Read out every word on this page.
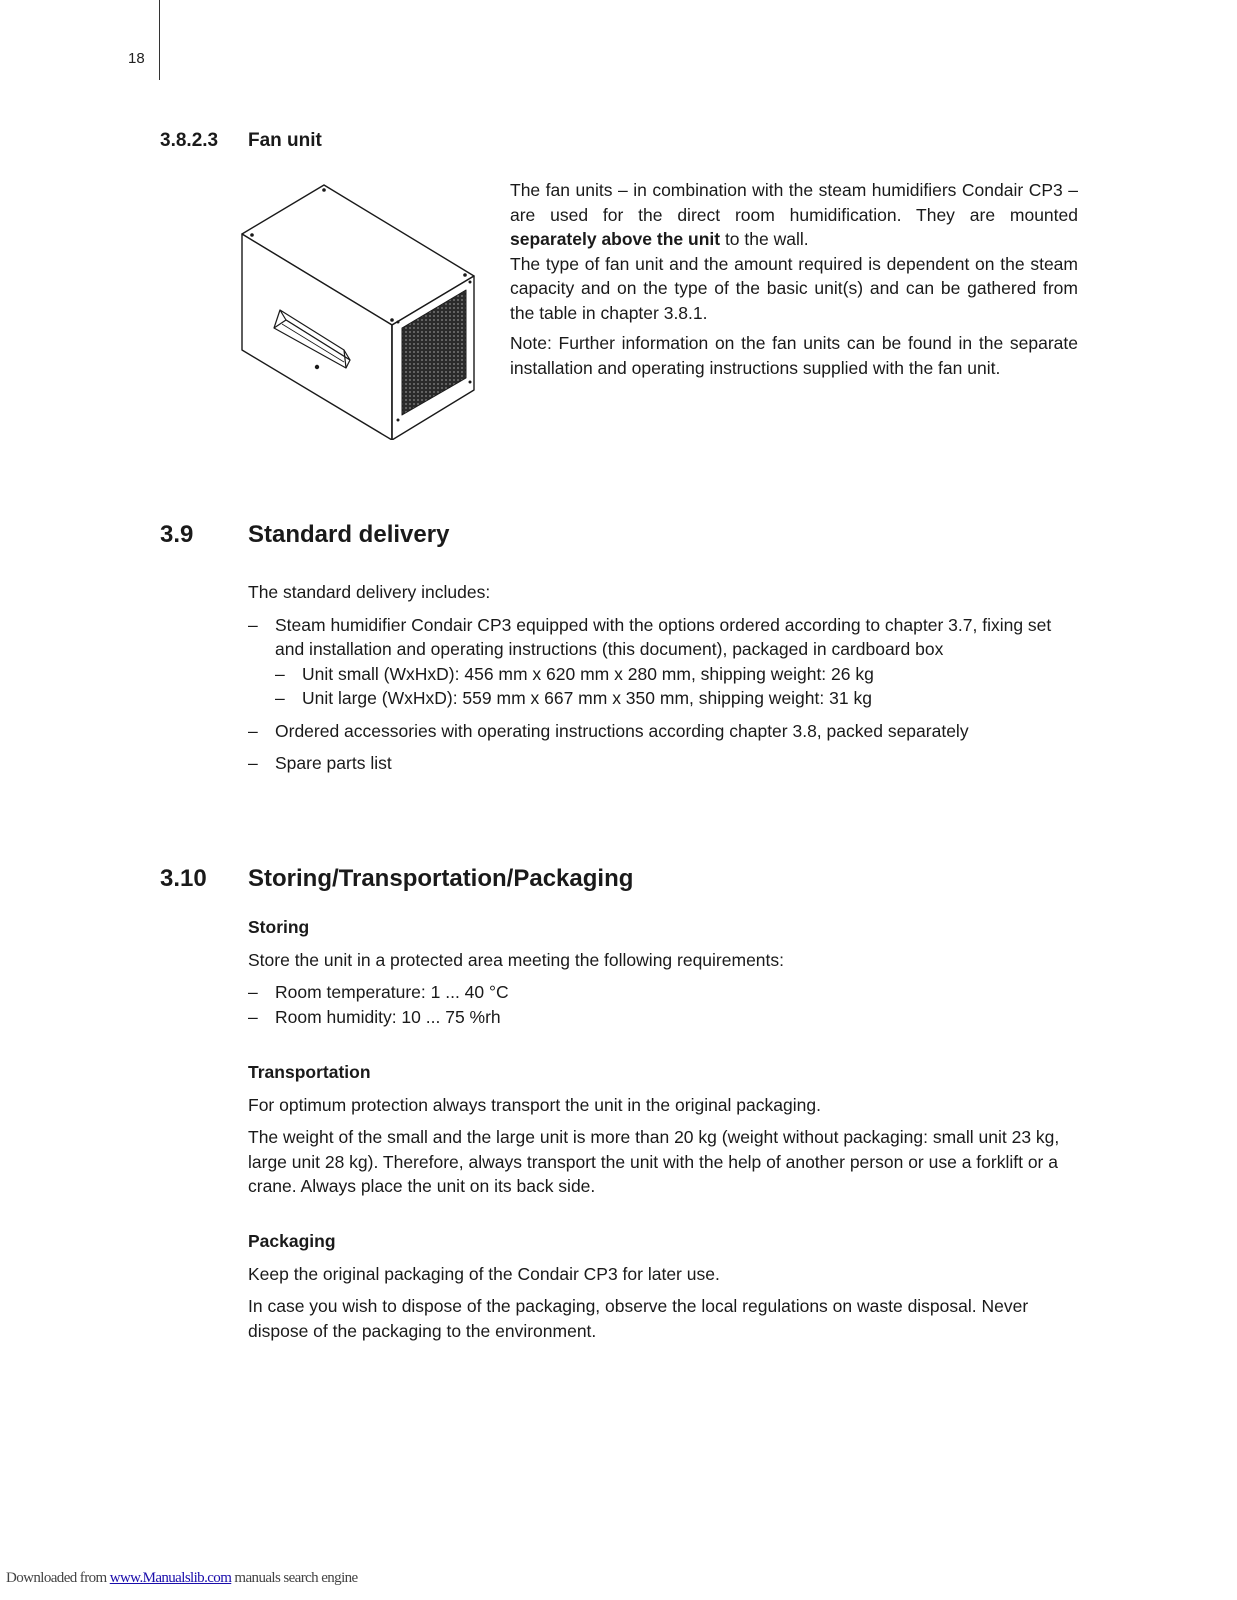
18
3.8.2.3 Fan unit

The fan units – in combination with the steam humidifiers Condair CP3 – are used for the direct room humidification. They are mounted separately above the unit to the wall.

The type of fan unit and the amount required is dependent on the steam capacity and on the type of the basic unit(s) and can be gathered from the table in chapter 3.8.1.

Note: Further information on the fan units can be found in the separate installation and operating instructions supplied with the fan unit.

3.9 Standard delivery

The standard delivery includes:

– Steam humidifier Condair CP3 equipped with the options ordered according to chapter 3.7, fixing set and installation and operating instructions (this document), packaged in cardboard box
– Unit small (WxHxD): 456 mm x 620 mm x 280 mm, shipping weight: 26 kg
– Unit large (WxHxD): 559 mm x 667 mm x 350 mm, shipping weight: 31 kg
– Ordered accessories with operating instructions according chapter 3.8, packed separately
– Spare parts list
3.10 Storing/Transportation/Packaging

Storing

Store the unit in a protected area meeting the following requirements:

– Room temperature: 1 ... 40 °C
– Room humidity: 10 ... 75 %rh

Transportation

For optimum protection always transport the unit in the original packaging.

The weight of the small and the large unit is more than 20 kg (weight without packaging: small unit 23 kg, large unit 28 kg). Therefore, always transport the unit with the help of another person or use a forklift or a crane. Always place the unit on its back side.

Packaging

Keep the original packaging of the Condair CP3 for later use.

In case you wish to dispose of the packaging, observe the local regulations on waste disposal. Never dispose of the packaging to the environment.

Downloaded from www.Manualslib.com manuals search engine
